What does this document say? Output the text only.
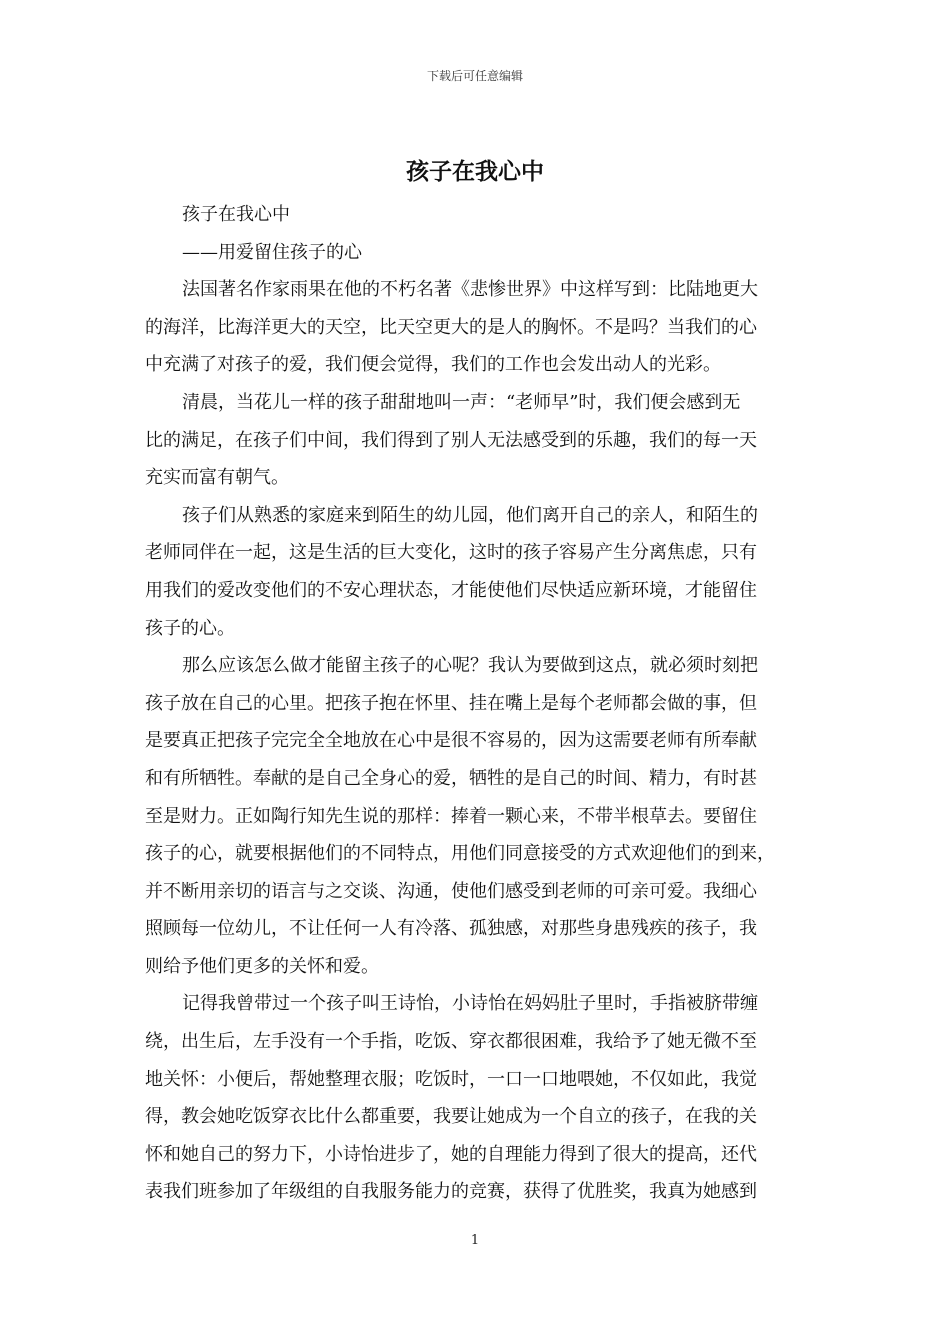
下载后可任意编辑
孩子在我心中
孩子在我心中
——用爱留住孩子的心
法国著名作家雨果在他的不朽名著《悲惨世界》中这样写到：比陆地更大
的海洋，比海洋更大的天空，比天空更大的是人的胸怀。不是吗？当我们的心
中充满了对孩子的爱，我们便会觉得，我们的工作也会发出动人的光彩。
清晨，当花儿一样的孩子甜甜地叫一声：“老师早”时，我们便会感到无
比的满足，在孩子们中间，我们得到了别人无法感受到的乐趣，我们的每一天
充实而富有朝气。
孩子们从熟悉的家庭来到陌生的幼儿园，他们离开自己的亲人，和陌生的
老师同伴在一起，这是生活的巨大变化，这时的孩子容易产生分离焦虑，只有
用我们的爱改变他们的不安心理状态，才能使他们尽快适应新环境，才能留住
孩子的心。
那么应该怎么做才能留主孩子的心呢？我认为要做到这点，就必须时刻把
孩子放在自己的心里。把孩子抱在怀里、挂在嘴上是每个老师都会做的事，但
是要真正把孩子完完全全地放在心中是很不容易的，因为这需要老师有所奉献
和有所牺牲。奉献的是自己全身心的爱，牺牲的是自己的时间、精力，有时甚
至是财力。正如陶行知先生说的那样：捧着一颗心来，不带半根草去。要留住
孩子的心，就要根据他们的不同特点，用他们同意接受的方式欢迎他们的到来，
并不断用亲切的语言与之交谈、沟通，使他们感受到老师的可亲可爱。我细心
照顾每一位幼儿，不让任何一人有冷落、孤独感，对那些身患残疾的孩子，我
则给予他们更多的关怀和爱。
记得我曾带过一个孩子叫王诗怡，小诗怡在妈妈肚子里时，手指被脐带缠
绕，出生后，左手没有一个手指，吃饭、穿衣都很困难，我给予了她无微不至
地关怀：小便后，帮她整理衣服；吃饭时，一口一口地喂她，不仅如此，我觉
得，教会她吃饭穿衣比什么都重要，我要让她成为一个自立的孩子，在我的关
怀和她自己的努力下，小诗怡进步了，她的自理能力得到了很大的提高，还代
表我们班参加了年级组的自我服务能力的竞赛，获得了优胜奖，我真为她感到
1
